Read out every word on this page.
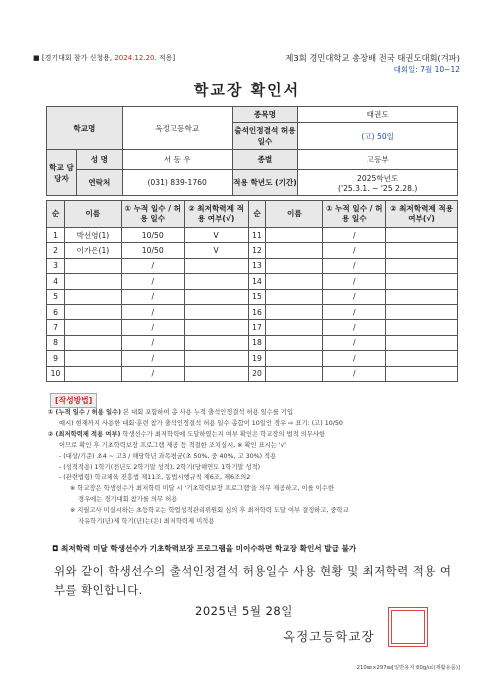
■ [경기대회 참가 신청용, 2024.12.20. 적용]	제3회 경민대학교 총장배 전국 태권도대회(겨파)
대회일: 7월 10~12
학교장 확인서
학교명		옥정고등학교	종목명	태권도
			출석인정결석 허용 일수	(고) 50일
학교 담당자	성 명	서 동 우	종별	고등부
	연락처	(031) 839-1760	적용 학년도 (기간)	2025학년도
('25.3.1. ~ '25 2.28.)
순	이름	① 누적 일수 / 허용 일수	② 최저학력제 적용 여부(√)	순	이름	① 누적 일수 / 허용 일수	② 최저학력제 적용 여부(√)
1	박선영(1)	10/50	V	11		/	
2	이가은(1)	10/50	V	12		/	
3		/		13		/	
4		/		14		/	
5		/		15		/	
6		/		16		/	
7		/		17		/	
8		/		18		/	
9		/		19		/	
10		/		20		/	
[작성방법]
① (누적 일수 / 허용 일수) 본 대회 포함하여 총 사용 누적 출석인정결석 허용 일수를 기입
예시) 현재까지 사용한 대회·훈련 참가 출석인정결석 허용 일수 총합이 10일인 경우 ⇨ 표기: (고) 10/50
② (최저학력제 적용 여부) 학생선수가 최저학력에 도달하였는지 여부 확인은 학교장의 법적 의무사항
이므로 확인 후 기초학력보장 프로그램 제공 등 적절한 조치실시, ※ 확인 표시는 '√'
- (대상/기준) 초4 ~ 고3 / 해당학년 과목평균(초 50%, 중 40%, 고 30%) 적용
- (성적적용) 1학기(전년도 2학기말 성적), 2학기(당해연도 1학기말 성적)
- (관련법령) 학교체육 진흥법 제11조, 동법시행규칙 제6조, 제6조의2
※ 학교장은 학생선수가 최저학력 미달 시 '기초학력보장 프로그램'을 의무 제공하고, 이를 이수한
경우에는 경기대회 참가를 의무 허용
※ 지필고사 미실시하는 초등학교는 학업성적관리위원회 심의 후 최저학력 도달 여부 결정하고, 중학교
자유학기(년)제 학기(년)는(은) 최저학력제 미적용
◘ 최저학력 미달 학생선수가 기초학력보장 프로그램을 미이수하면 학교장 확인서 발급 불가
위와 같이 학생선수의 출석인정결석 허용일수 사용 현황 및 최저학력 적용 여부를 확인합니다.
2025년 5월 28일
옥정고등학교장
210㎜×297㎜[일반용지 60g/㎡(재활용품)]
